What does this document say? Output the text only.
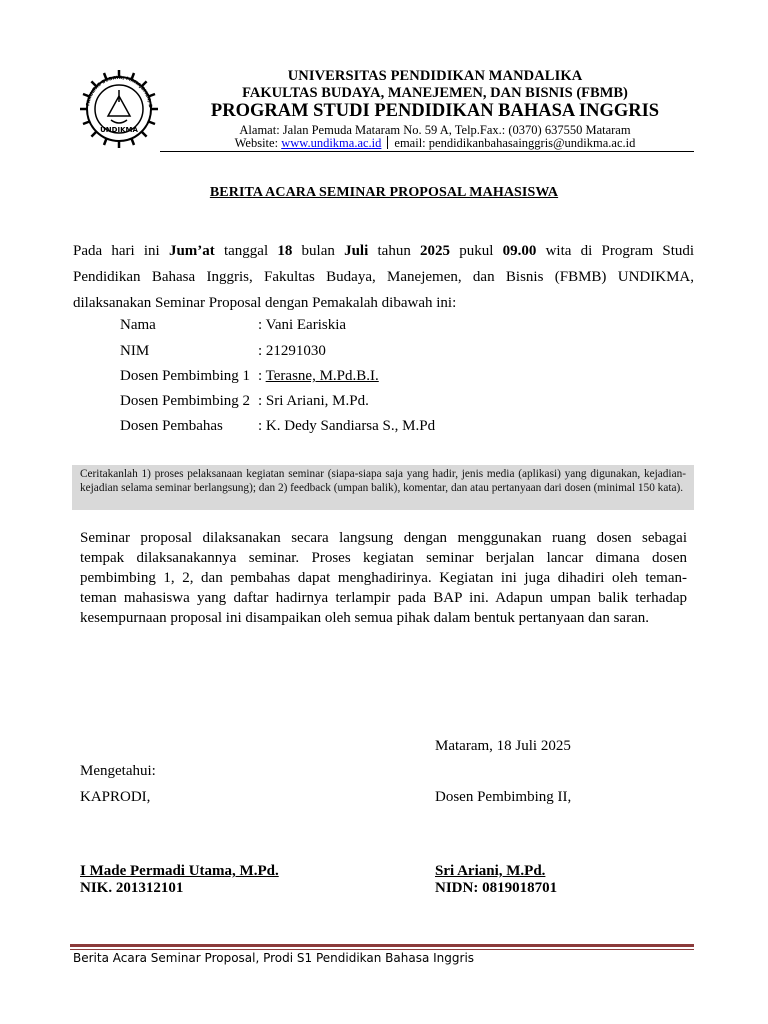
FAKULTAS BUDAYA, MANAJEMEN, D
UNDIKMA
UNIVERSITAS PENDIDIKAN MANDALIKA
FAKULTAS BUDAYA, MANEJEMEN, DAN BISNIS (FBMB)
PROGRAM STUDI PENDIDIKAN BAHASA INGGRIS
Alamat: Jalan Pemuda Mataram No. 59 A, Telp.Fax.: (0370) 637550 Mataram
Website: www.undikma.ac.id email: pendidikanbahasainggris@undikma.ac.id
BERITA ACARA SEMINAR PROPOSAL MAHASISWA
Pada hari ini Jum’at tanggal 18 bulan Juli tahun 2025 pukul 09.00 wita di Program Studi
Pendidikan Bahasa Inggris, Fakultas Budaya, Manejemen, dan Bisnis (FBMB) UNDIKMA,
dilaksanakan Seminar Proposal dengan Pemakalah dibawah ini:
Nama	: Vani Eariskia
NIM	: 21291030
Dosen Pembimbing 1 : Terasne, M.Pd.B.I.
Dosen Pembimbing 2 : Sri Ariani, M.Pd.
Dosen Pembahas : K. Dedy Sandiarsa S., M.Pd
Ceritakanlah 1) proses pelaksanaan kegiatan seminar (siapa-siapa saja yang hadir, jenis media (aplikasi) yang digunakan, kejadian-kejadian selama seminar berlangsung); dan 2) feedback (umpan balik), komentar, dan atau pertanyaan dari dosen (minimal 150 kata).
Seminar proposal dilaksanakan secara langsung dengan menggunakan ruang dosen sebagai
tempak dilaksanakannya seminar. Proses kegiatan seminar berjalan lancar dimana dosen
pembimbing 1, 2, dan pembahas dapat menghadirinya. Kegiatan ini juga dihadiri oleh teman-
teman mahasiswa yang daftar hadirnya terlampir pada BAP ini. Adapun umpan balik terhadap
kesempurnaan proposal ini disampaikan oleh semua pihak dalam bentuk pertanyaan dan saran.
Mataram, 18 Juli 2025
Mengetahui:
KAPRODI,	Dosen Pembimbing II,
I Made Permadi Utama, M.Pd.
NIK. 201312101
Sri Ariani, M.Pd.
NIDN: 0819018701
Berita Acara Seminar Proposal, Prodi S1 Pendidikan Bahasa Inggris
